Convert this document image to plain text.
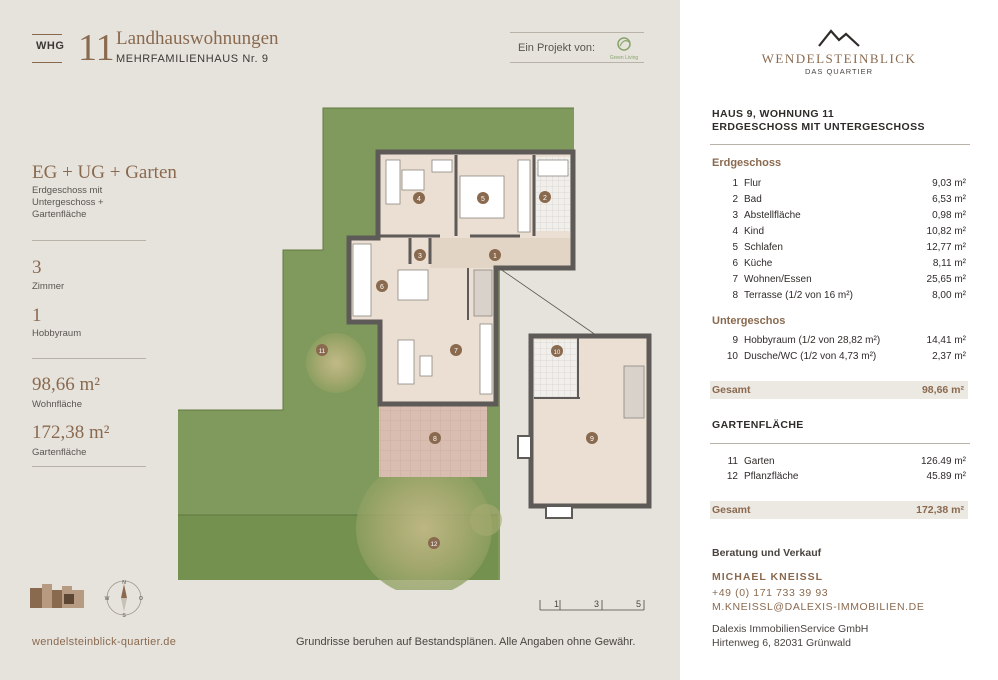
WHG 11 Landhauswohnungen
MEHRFAMILIENHAUS Nr. 9
Ein Projekt von:
Green Living
EG + UG + Garten
Erdgeschoss mit
Untergeschoss +
Gartenfläche
3
Zimmer
1
Hobbyraum
98,66 m²
Wohnfläche
172,38 m²
Gartenfläche
N
S
W	O
1
2
3
4	5
6
7
8	9
10
11
12
1	3	5
wendelsteinblick-quartier.de	Grundrisse beruhen auf Bestandsplänen. Alle Angaben ohne Gewähr.
WENDELSTEINBLICK
DAS QUARTIER
HAUS 9, WOHNUNG 11
ERDGESCHOSS MIT UNTERGESCHOSS
Erdgeschoss
1 Flur	9,03 m²
2 Bad	6,53 m²
3 Abstellfläche	0,98 m²
4 Kind	10,82 m²
5 Schlafen	12,77 m²
6 Küche	8,11 m²
7 Wohnen/Essen	25,65 m²
8 Terrasse (1/2 von 16 m²)	8,00 m²
Untergeschos
9 Hobbyraum (1/2 von 28,82 m²)	14,41 m²
10 Dusche/WC (1/2 von 4,73 m²)	2,37 m²
Gesamt	98,66 m²
GARTENFLÄCHE
11 Garten	126.49 m²
12 Pflanzfläche	45.89 m²
Gesamt	172,38 m²
Beratung und Verkauf
MICHAEL KNEISSL
+49 (0) 171 733 39 93
M.KNEISSL@DALEXIS-IMMOBILIEN.DE
Dalexis ImmobilienService GmbH
Hirtenweg 6, 82031 Grünwald
